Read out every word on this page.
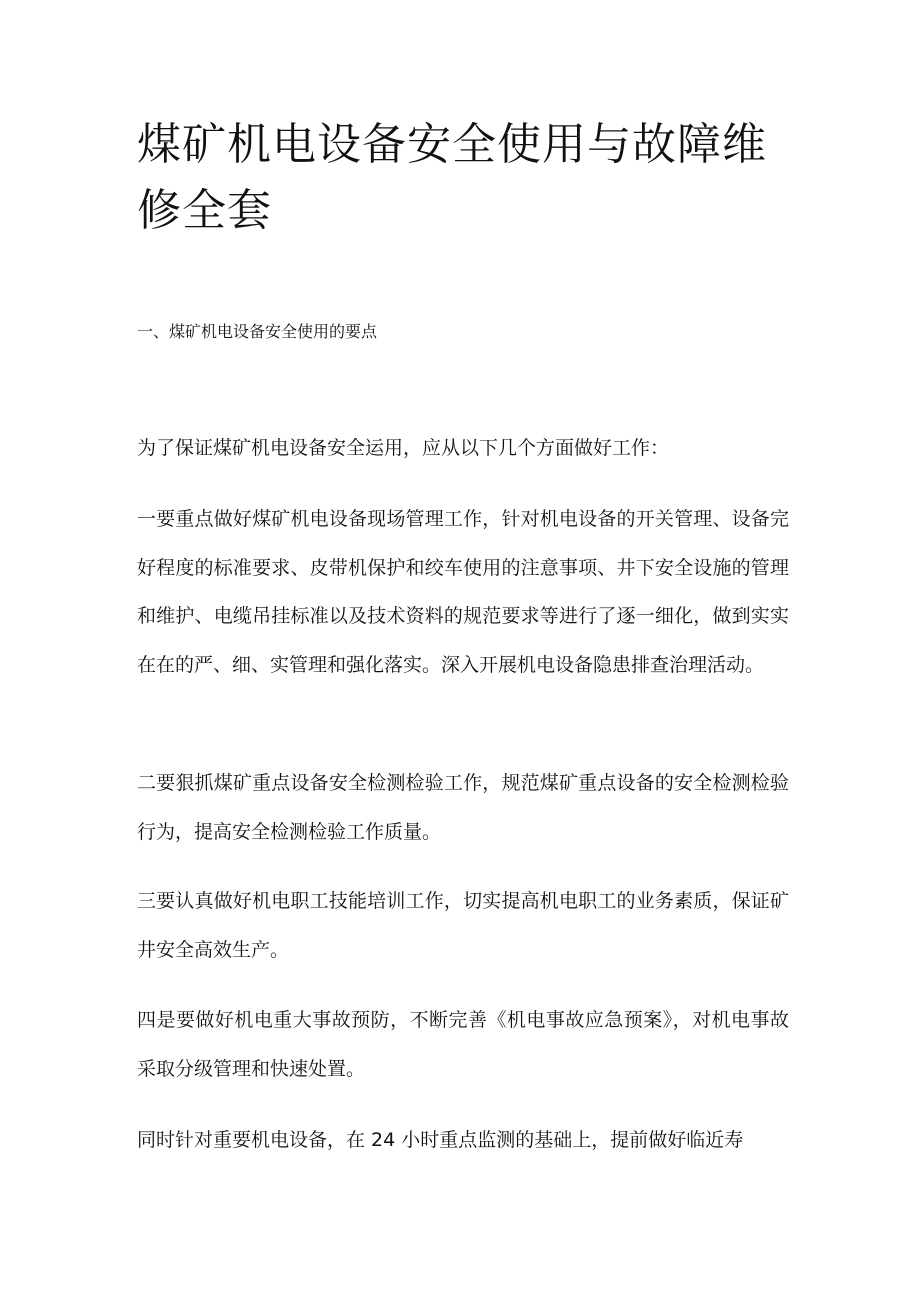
煤矿机电设备安全使用与故障维修全套
一、煤矿机电设备安全使用的要点

为了保证煤矿机电设备安全运用，应从以下几个方面做好工作：

一要重点做好煤矿机电设备现场管理工作，针对机电设备的开关管理、设备完好程度的标准要求、皮带机保护和绞车使用的注意事项、井下安全设施的管理和维护、电缆吊挂标准以及技术资料的规范要求等进行了逐一细化，做到实实在在的严、细、实管理和强化落实。深入开展机电设备隐患排查治理活动。

二要狠抓煤矿重点设备安全检测检验工作，规范煤矿重点设备的安全检测检验行为，提高安全检测检验工作质量。

三要认真做好机电职工技能培训工作，切实提高机电职工的业务素质，保证矿井安全高效生产。

四是要做好机电重大事故预防，不断完善《机电事故应急预案》，对机电事故采取分级管理和快速处置。

同时针对重要机电设备，在 24 小时重点监测的基础上，提前做好临近寿
